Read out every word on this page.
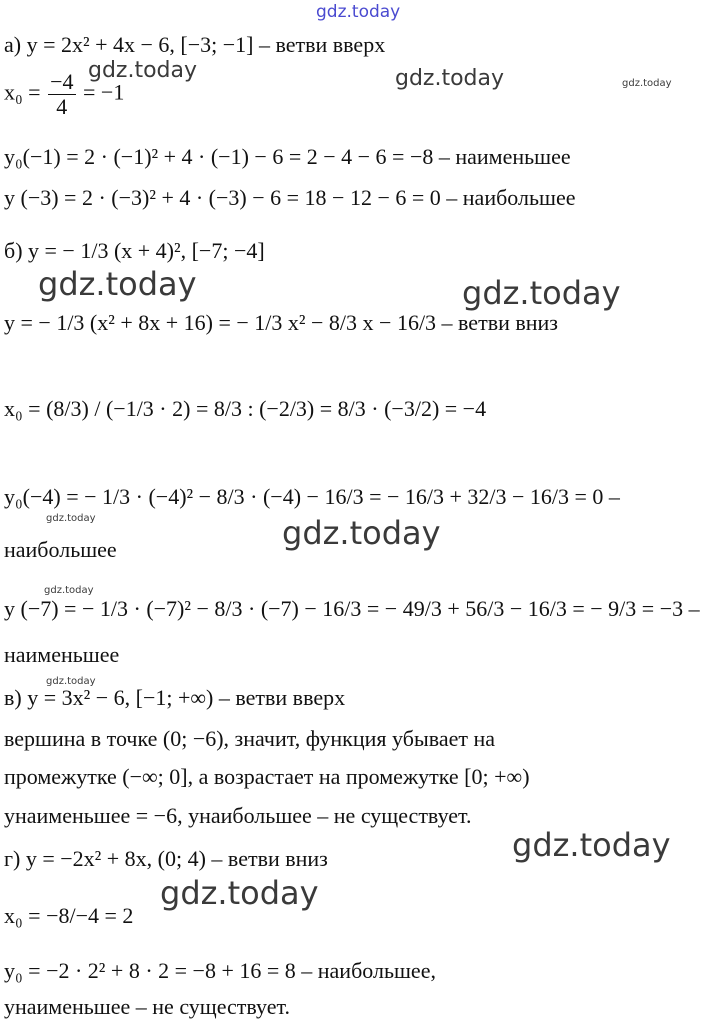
gdz.today
gdz.today	gdz.today	gdz.today
gdz.today	gdz.today
gdz.today	gdz.today
gdz.today
gdz.today
gdz.today
gdz.today
а) y = 2x² + 4x − 6, [−3; −1] – ветви вверх
$x_0 = \frac{-4}{4} = -1$
y₀(−1) = 2 · (−1)² + 4 · (−1) − 6 = 2 − 4 − 6 = −8 – наименьшее
y (−3) = 2 · (−3)² + 4 · (−3) − 6 = 18 − 12 − 6 = 0 – наибольшее
б) y = − 1/3 (x + 4)², [−7; −4]
y = − 1/3 (x² + 8x + 16) = − 1/3 x² − 8/3 x − 16/3 – ветви вниз
x₀ = (8/3) / (−1/3 · 2) = 8/3 : (−2/3) = 8/3 · (−3/2) = −4
y₀(−4) = − 1/3 · (−4)² − 8/3 · (−4) − 16/3 = − 16/3 + 32/3 − 16/3 = 0 –
наибольшее
y (−7) = − 1/3 · (−7)² − 8/3 · (−7) − 16/3 = − 49/3 + 56/3 − 16/3 = − 9/3 = −3 –
наименьшее
в) y = 3x² − 6, [−1; +∞) – ветви вверх
вершина в точке (0; −6), значит, функция убывает на
промежутке (−∞; 0], а возрастает на промежутке [0; +∞)
yнаименьшее = −6, yнаибольшее – не существует.
г) y = −2x² + 8x, (0; 4) – ветви вниз
x₀ = −8/−4 = 2
y₀ = −2 · 2² + 8 · 2 = −8 + 16 = 8 – наибольшее,
yнаименьшее – не существует.
